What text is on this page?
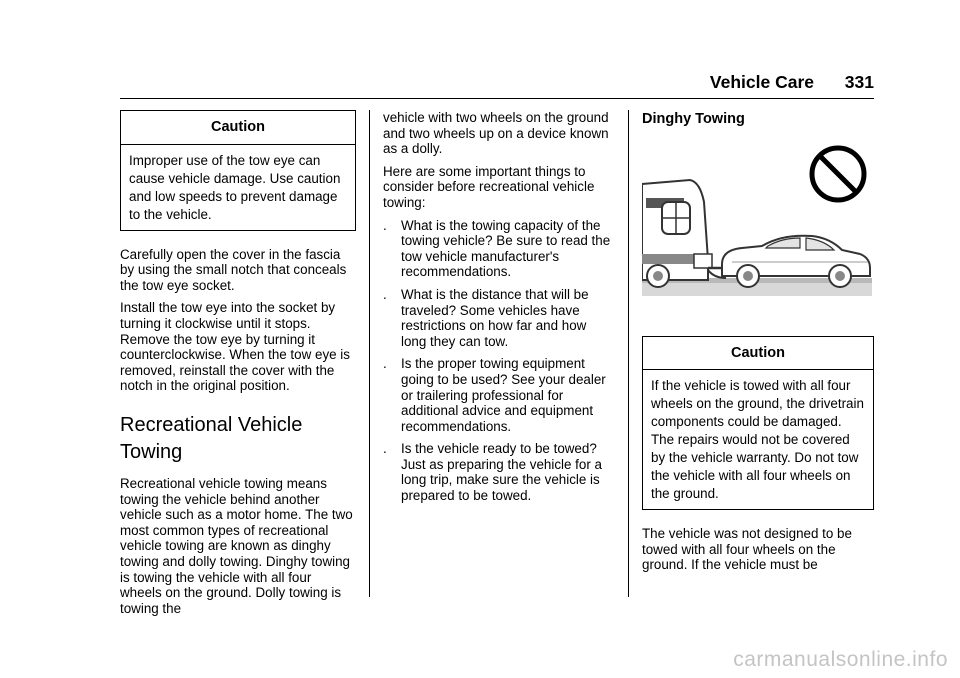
Vehicle Care 331
Caution
Improper use of the tow eye can cause vehicle damage. Use caution and low speeds to prevent damage to the vehicle.

Carefully open the cover in the fascia by using the small notch that conceals the tow eye socket.

Install the tow eye into the socket by turning it clockwise until it stops. Remove the tow eye by turning it counterclockwise. When the tow eye is removed, reinstall the cover with the notch in the original position.

Recreational Vehicle Towing

Recreational vehicle towing means towing the vehicle behind another vehicle such as a motor home. The two most common types of recreational vehicle towing are known as dinghy towing and dolly towing. Dinghy towing is towing the vehicle with all four wheels on the ground. Dolly towing is towing the

vehicle with two wheels on the ground and two wheels up on a device known as a dolly.

Here are some important things to consider before recreational vehicle towing:

. What is the towing capacity of the towing vehicle? Be sure to read the tow vehicle manufacturer's recommendations.
. What is the distance that will be traveled? Some vehicles have restrictions on how far and how long they can tow.
. Is the proper towing equipment going to be used? See your dealer or trailering professional for additional advice and equipment recommendations.
. Is the vehicle ready to be towed? Just as preparing the vehicle for a long trip, make sure the vehicle is prepared to be towed.
Dinghy Towing
Caution
If the vehicle is towed with all four wheels on the ground, the drivetrain components could be damaged. The repairs would not be covered by the vehicle warranty. Do not tow the vehicle with all four wheels on the ground.

The vehicle was not designed to be towed with all four wheels on the ground. If the vehicle must be

carmanualsonline.info
